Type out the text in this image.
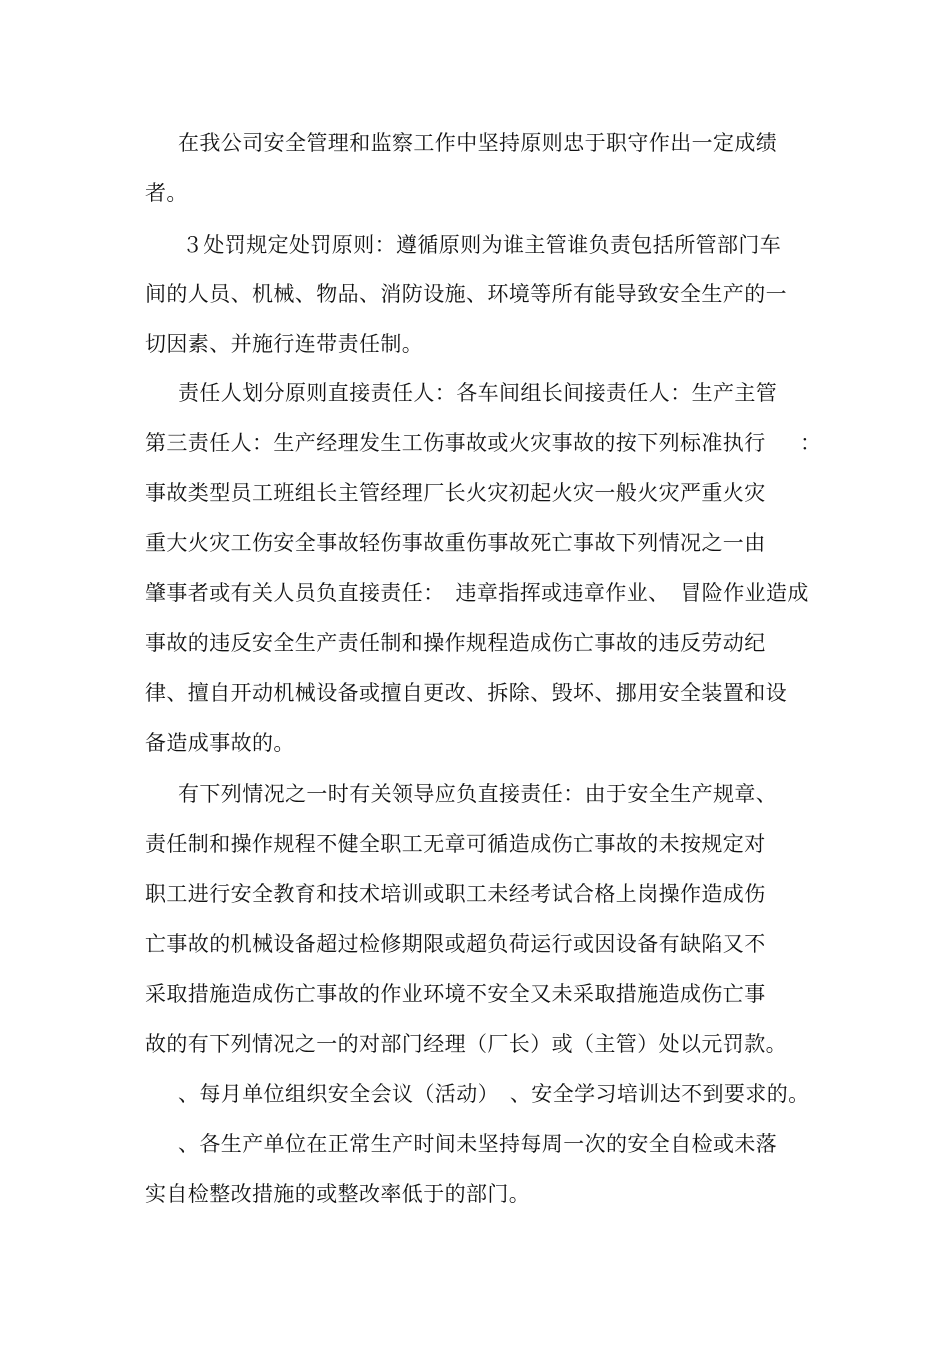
在我公司安全管理和监察工作中坚持原则忠于职守作出一定成绩
者。
３处罚规定处罚原则：遵循原则为谁主管谁负责包括所管部门车
间的人员、机械、物品、消防设施、环境等所有能导致安全生产的一
切因素、并施行连带责任制。
责任人划分原则直接责任人：各车间组长间接责任人：生产主管
第三责任人：生产经理发生工伤事故或火灾事故的按下列标准执行 ：
事故类型员工班组长主管经理厂长火灾初起火灾一般火灾严重火灾
重大火灾工伤安全事故轻伤事故重伤事故死亡事故下列情况之一由
肇事者或有关人员负直接责任：　违章指挥或违章作业、　冒险作业造成
事故的违反安全生产责任制和操作规程造成伤亡事故的违反劳动纪
律、擅自开动机械设备或擅自更改、拆除、毁坏、挪用安全装置和设
备造成事故的。
有下列情况之一时有关领导应负直接责任：由于安全生产规章、
责任制和操作规程不健全职工无章可循造成伤亡事故的未按规定对
职工进行安全教育和技术培训或职工未经考试合格上岗操作造成伤
亡事故的机械设备超过检修期限或超负荷运行或因设备有缺陷又不
采取措施造成伤亡事故的作业环境不安全又未采取措施造成伤亡事
故的有下列情况之一的对部门经理（厂长）或（主管）处以元罚款。
、每月单位组织安全会议（活动）　、安全学习培训达不到要求的。
、各生产单位在正常生产时间未坚持每周一次的安全自检或未落
实自检整改措施的或整改率低于的部门。
